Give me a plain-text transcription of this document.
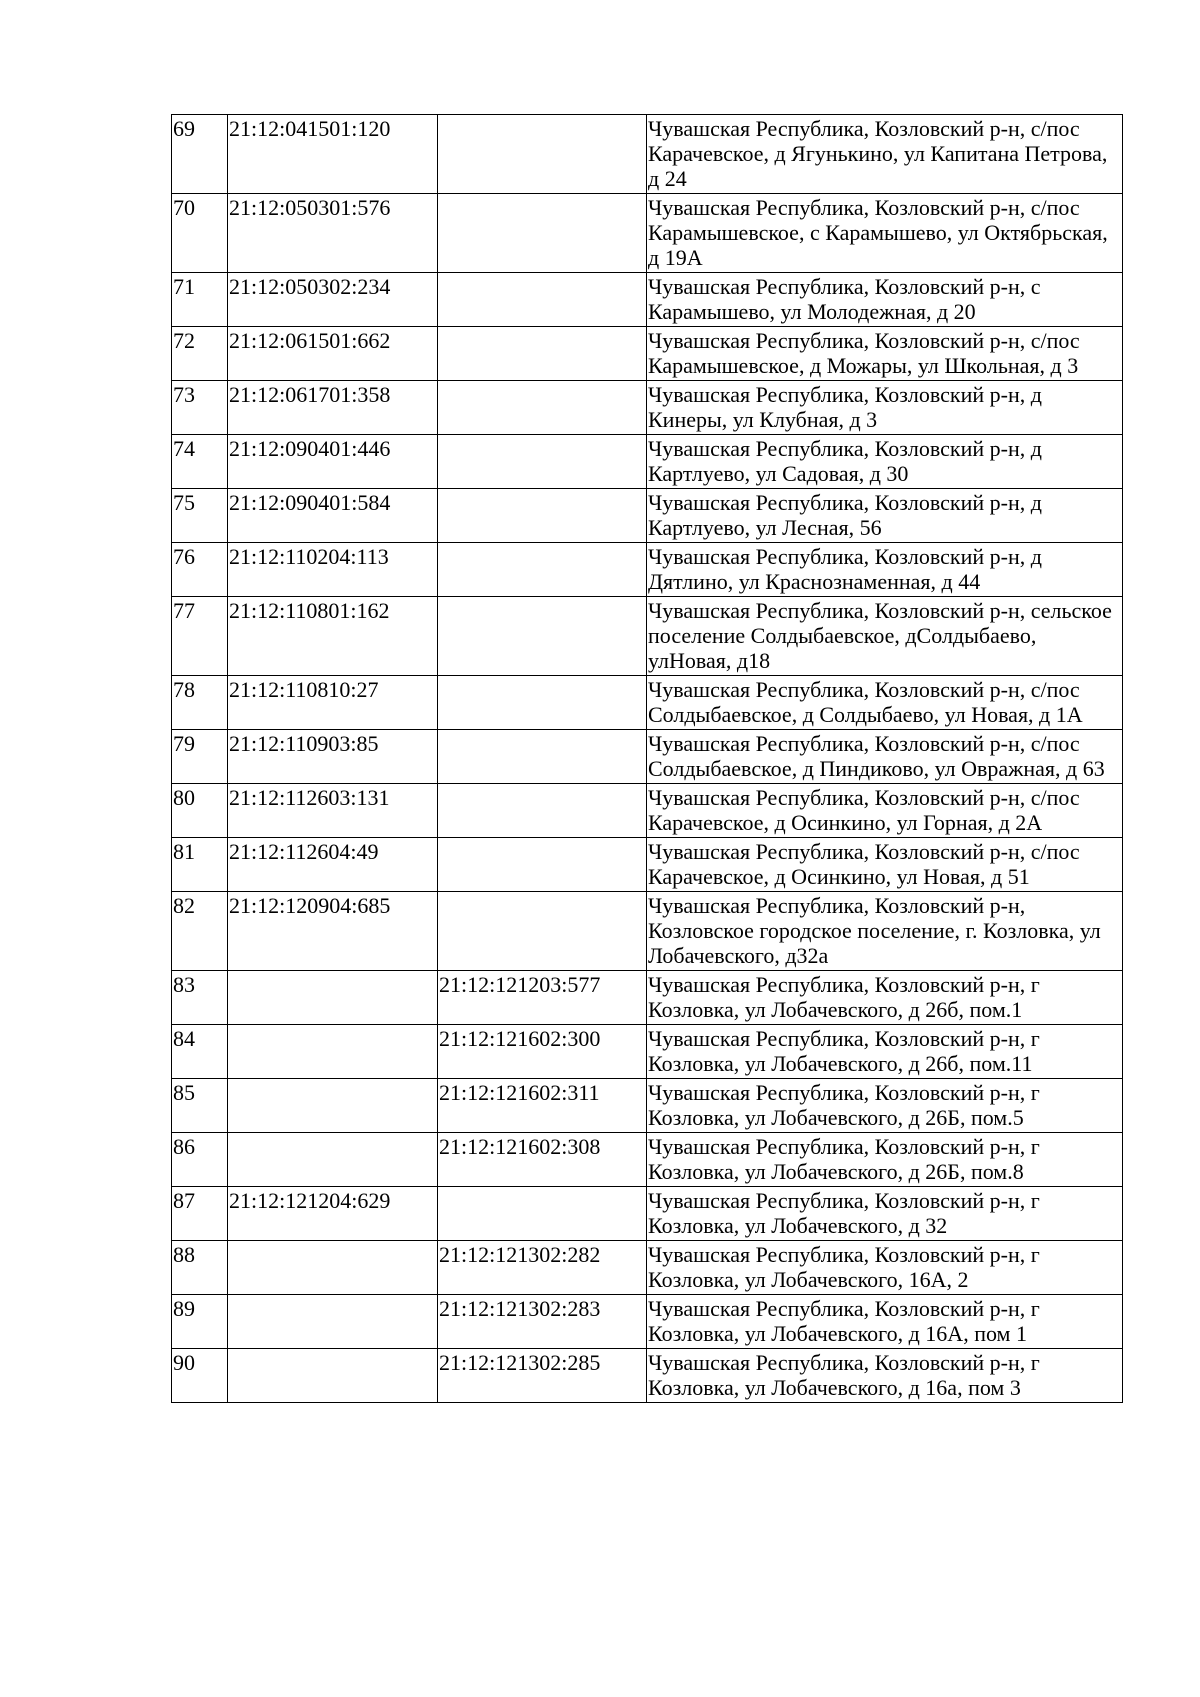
69	21:12:041501:120		Чувашская Республика, Козловский р-н, с/пос Карачевское, д Ягунькино, ул Капитана Петрова, д 24

70	21:12:050301:576		Чувашская Республика, Козловский р-н, с/пос Карамышевское, с Карамышево, ул Октябрьская, д 19А

71	21:12:050302:234		Чувашская Республика, Козловский р-н, с Карамышево, ул Молодежная, д 20

72	21:12:061501:662		Чувашская Республика, Козловский р-н, с/пос Карамышевское, д Можары, ул Школьная, д 3

73	21:12:061701:358		Чувашская Республика, Козловский р-н, д Кинеры, ул Клубная, д 3

74	21:12:090401:446		Чувашская Республика, Козловский р-н, д Картлуево, ул Садовая, д 30

75	21:12:090401:584		Чувашская Республика, Козловский р-н, д Картлуево, ул Лесная, 56

76	21:12:110204:113		Чувашская Республика, Козловский р-н, д Дятлино, ул Краснознаменная, д 44

77	21:12:110801:162		Чувашская Республика, Козловский р-н, сельское поселение Солдыбаевское, дСолдыбаево, улНовая, д18

78	21:12:110810:27		Чувашская Республика, Козловский р-н, с/пос Солдыбаевское, д Солдыбаево, ул Новая, д 1А

79	21:12:110903:85		Чувашская Республика, Козловский р-н, с/пос Солдыбаевское, д Пиндиково, ул Овражная, д 63

80	21:12:112603:131		Чувашская Республика, Козловский р-н, с/пос Карачевское, д Осинкино, ул Горная, д 2А

81	21:12:112604:49		Чувашская Республика, Козловский р-н, с/пос Карачевское, д Осинкино, ул Новая, д 51

82	21:12:120904:685		Чувашская Республика, Козловский р-н, Козловское городское поселение, г. Козловка, ул Лобачевского, д32а

83		21:12:121203:577	Чувашская Республика, Козловский р-н, г Козловка, ул Лобачевского, д 26б, пом.1

84		21:12:121602:300	Чувашская Республика, Козловский р-н, г Козловка, ул Лобачевского, д 26б, пом.11

85		21:12:121602:311	Чувашская Республика, Козловский р-н, г Козловка, ул Лобачевского, д 26Б, пом.5

86		21:12:121602:308	Чувашская Республика, Козловский р-н, г Козловка, ул Лобачевского, д 26Б, пом.8

87	21:12:121204:629		Чувашская Республика, Козловский р-н, г Козловка, ул Лобачевского, д 32

88		21:12:121302:282	Чувашская Республика, Козловский р-н, г Козловка, ул Лобачевского, 16А, 2

89		21:12:121302:283	Чувашская Республика, Козловский р-н, г Козловка, ул Лобачевского, д 16А, пом 1

90		21:12:121302:285	Чувашская Республика, Козловский р-н, г Козловка, ул Лобачевского, д 16а, пом 3
